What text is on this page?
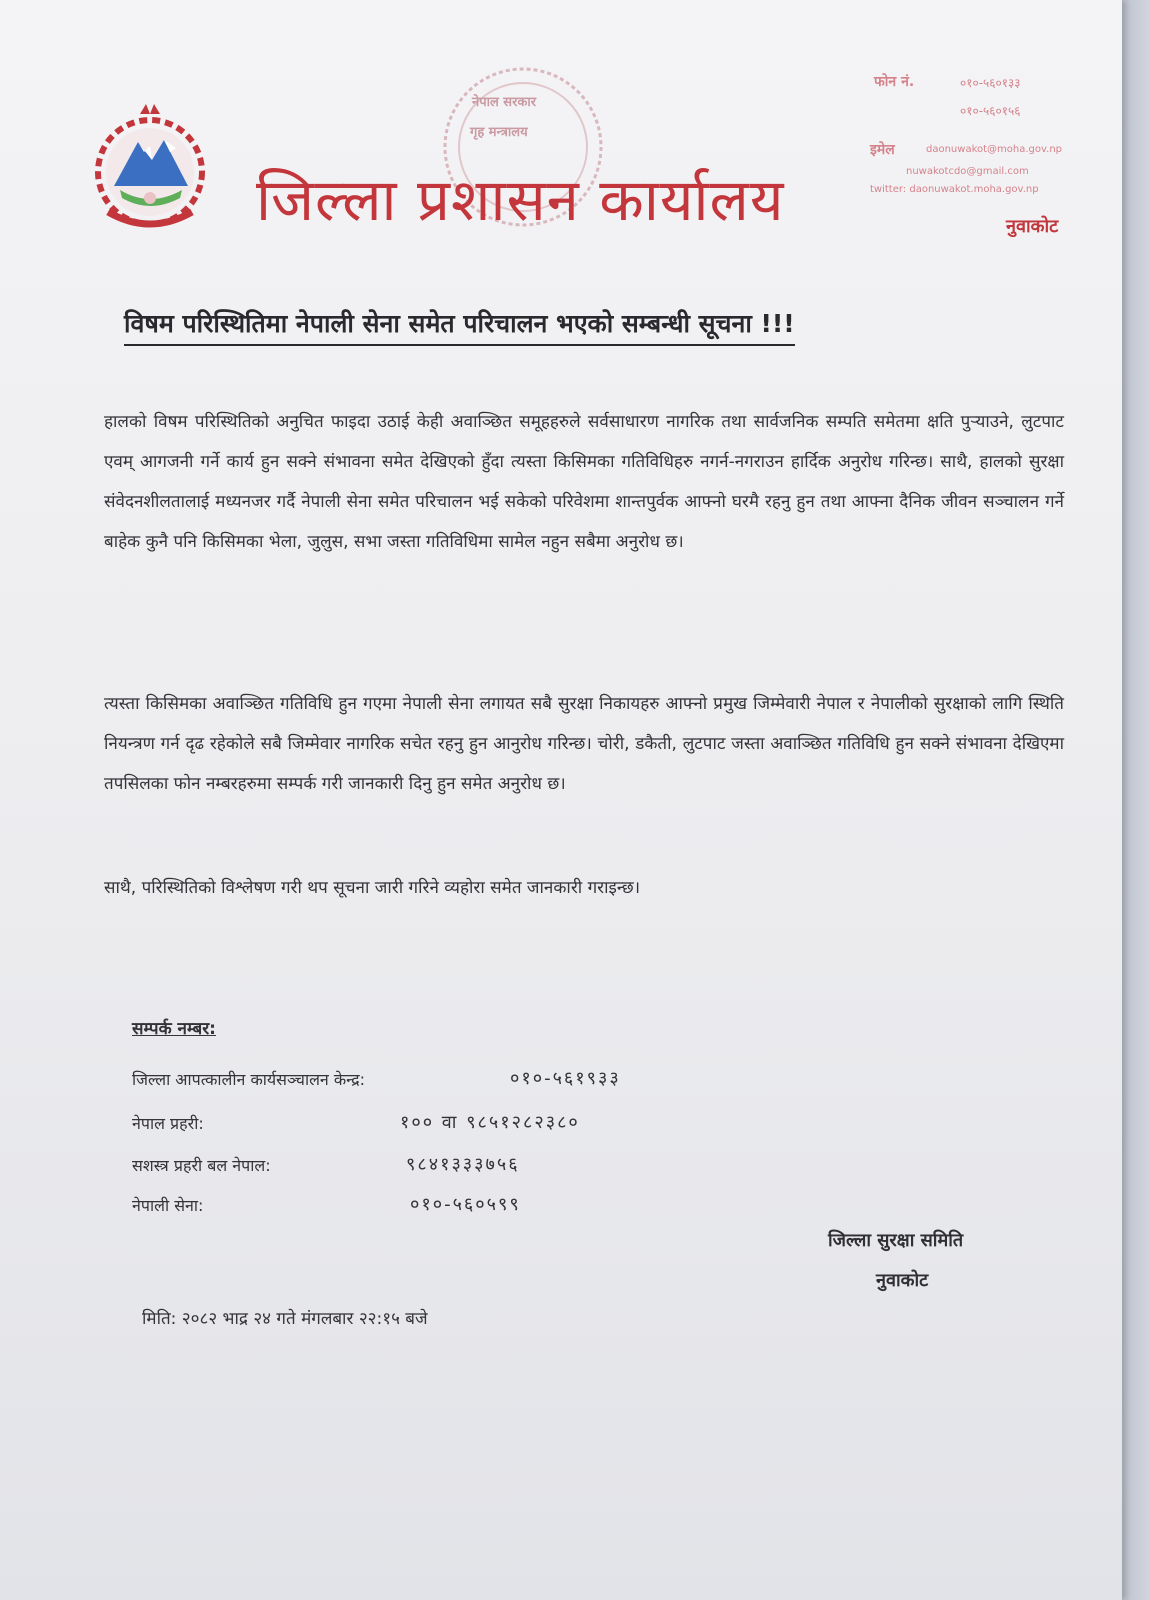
नेपाल सरकार
गृह मन्त्रालय
जिल्ला प्रशासन कार्यालय
फोन नं.	०१०-५६०१३३
०१०-५६०१५६
इमेल	daonuwakot@moha.gov.np
nuwakotcdo@gmail.com
twitter: daonuwakot.moha.gov.np
नुवाकोट
विषम परिस्थितिमा नेपाली सेना समेत परिचालन भएको सम्बन्धी सूचना !!!
हालको विषम परिस्थितिको अनुचित फाइदा उठाई केही अवाञ्छित समूहहरुले सर्वसाधारण नागरिक तथा सार्वजनिक सम्पति समेतमा क्षति पुऱ्याउने, लुटपाट एवम् आगजनी गर्ने कार्य हुन सक्ने संभावना समेत देखिएको हुँदा त्यस्ता किसिमका गतिविधिहरु नगर्न-नगराउन हार्दिक अनुरोध गरिन्छ। साथै, हालको सुरक्षा संवेदनशीलतालाई मध्यनजर गर्दै नेपाली सेना समेत परिचालन भई सकेको परिवेशमा शान्तपुर्वक आफ्नो घरमै रहनु हुन तथा आफ्ना दैनिक जीवन सञ्चालन गर्ने बाहेक कुनै पनि किसिमका भेला, जुलुस, सभा जस्ता गतिविधिमा सामेल नहुन सबैमा अनुरोध छ।
त्यस्ता किसिमका अवाञ्छित गतिविधि हुन गएमा नेपाली सेना लगायत सबै सुरक्षा निकायहरु आफ्नो प्रमुख जिम्मेवारी नेपाल र नेपालीको सुरक्षाको लागि स्थिति नियन्त्रण गर्न दृढ रहेकोले सबै जिम्मेवार नागरिक सचेत रहनु हुन आनुरोध गरिन्छ। चोरी, डकैती, लुटपाट जस्ता अवाञ्छित गतिविधि हुन सक्ने संभावना देखिएमा तपसिलका फोन नम्बरहरुमा सम्पर्क गरी जानकारी दिनु हुन समेत अनुरोध छ।
साथै, परिस्थितिको विश्लेषण गरी थप सूचना जारी गरिने व्यहोरा समेत जानकारी गराइन्छ।
सम्पर्क नम्बर:
जिल्ला आपत्कालीन कार्यसञ्चालन केन्द्र:	०१०-५६१९३३
नेपाल प्रहरी:	१०० वा ९८५१२८२३८०
सशस्त्र प्रहरी बल नेपाल:	९८४१३३३७५६
नेपाली सेना:	०१०-५६०५९९
जिल्ला सुरक्षा समिति
नुवाकोट
मिति: २०८२ भाद्र २४ गते मंगलबार २२:१५ बजे
